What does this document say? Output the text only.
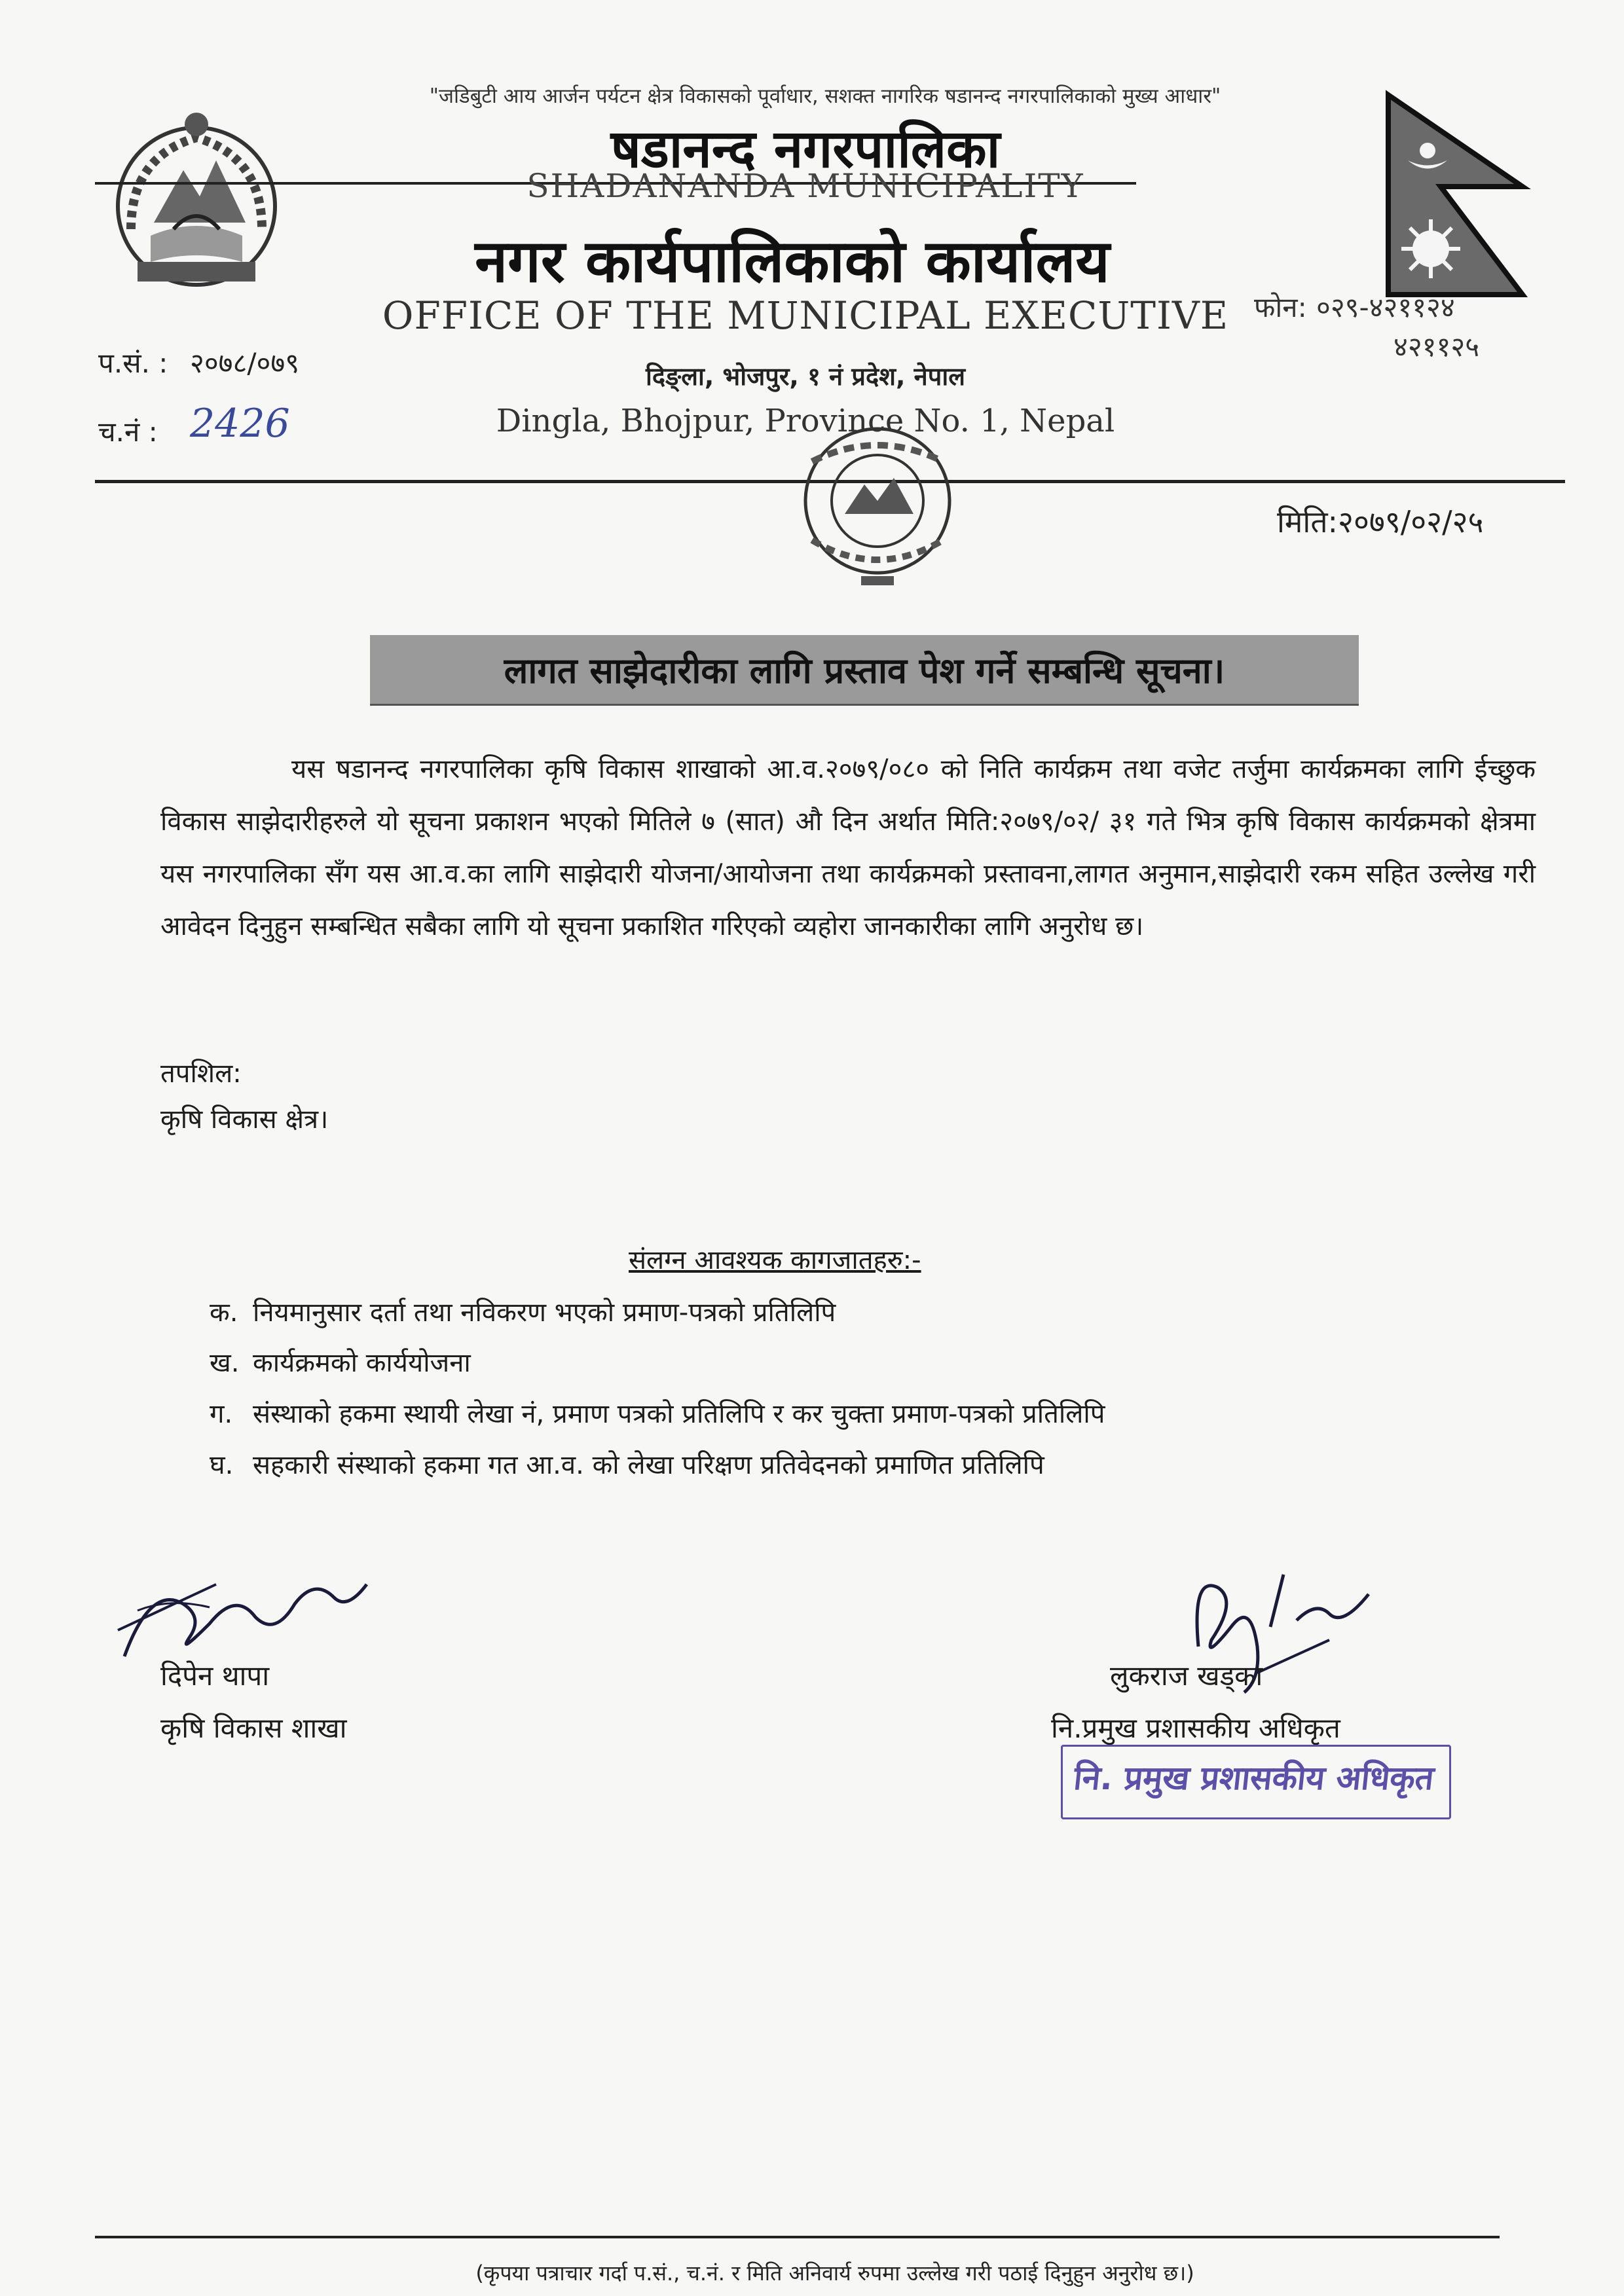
"जडिबुटी आय आर्जन पर्यटन क्षेत्र विकासको पूर्वाधार, सशक्त नागरिक षडानन्द नगरपालिकाको मुख्य आधार"
षडानन्द नगरपालिका
SHADANANDA MUNICIPALITY
नगर कार्यपालिकाको कार्यालय
OFFICE OF THE MUNICIPAL EXECUTIVE
दिङ्ला, भोजपुर, १ नं प्रदेश, नेपाल
Dingla, Bhojpur, Province No. 1, Nepal
फोन: ०२९-४२११२४
४२११२५
प.सं. : २०७८/०७९
च.नं : 2426
मिति:२०७९/०२/२५
लागत साझेदारीका लागि प्रस्ताव पेश गर्ने सम्बन्धि सूचना।
यस षडानन्द नगरपालिका कृषि विकास शाखाको आ.व.२०७९/०८० को निति कार्यक्रम तथा वजेट तर्जुमा कार्यक्रमका लागि ईच्छुक विकास साझेदारीहरुले यो सूचना प्रकाशन भएको मितिले ७ (सात) औ दिन अर्थात मिति:२०७९/०२/ ३१ गते भित्र कृषि विकास कार्यक्रमको क्षेत्रमा यस नगरपालिका सँग यस आ.व.का लागि साझेदारी योजना/आयोजना तथा कार्यक्रमको प्रस्तावना,लागत अनुमान,साझेदारी रकम सहित उल्लेख गरी आवेदन दिनुहुन सम्बन्धित सबैका लागि यो सूचना प्रकाशित गरिएको व्यहोरा जानकारीका लागि अनुरोध छ।
तपशिल:
कृषि विकास क्षेत्र।
संलग्न आवश्यक कागजातहरु:-
क. नियमानुसार दर्ता तथा नविकरण भएको प्रमाण-पत्रको प्रतिलिपि
ख. कार्यक्रमको कार्ययोजना
ग. संस्थाको हकमा स्थायी लेखा नं, प्रमाण पत्रको प्रतिलिपि र कर चुक्ता प्रमाण-पत्रको प्रतिलिपि
घ. सहकारी संस्थाको हकमा गत आ.व. को लेखा परिक्षण प्रतिवेदनको प्रमाणित प्रतिलिपि
दिपेन थापा
कृषि विकास शाखा
लुकराज खड्का
नि.प्रमुख प्रशासकीय अधिकृत
नि. प्रमुख प्रशासकीय अधिकृत
(कृपया पत्राचार गर्दा प.सं., च.नं. र मिति अनिवार्य रुपमा उल्लेख गरी पठाई दिनुहुन अनुरोध छ।)
